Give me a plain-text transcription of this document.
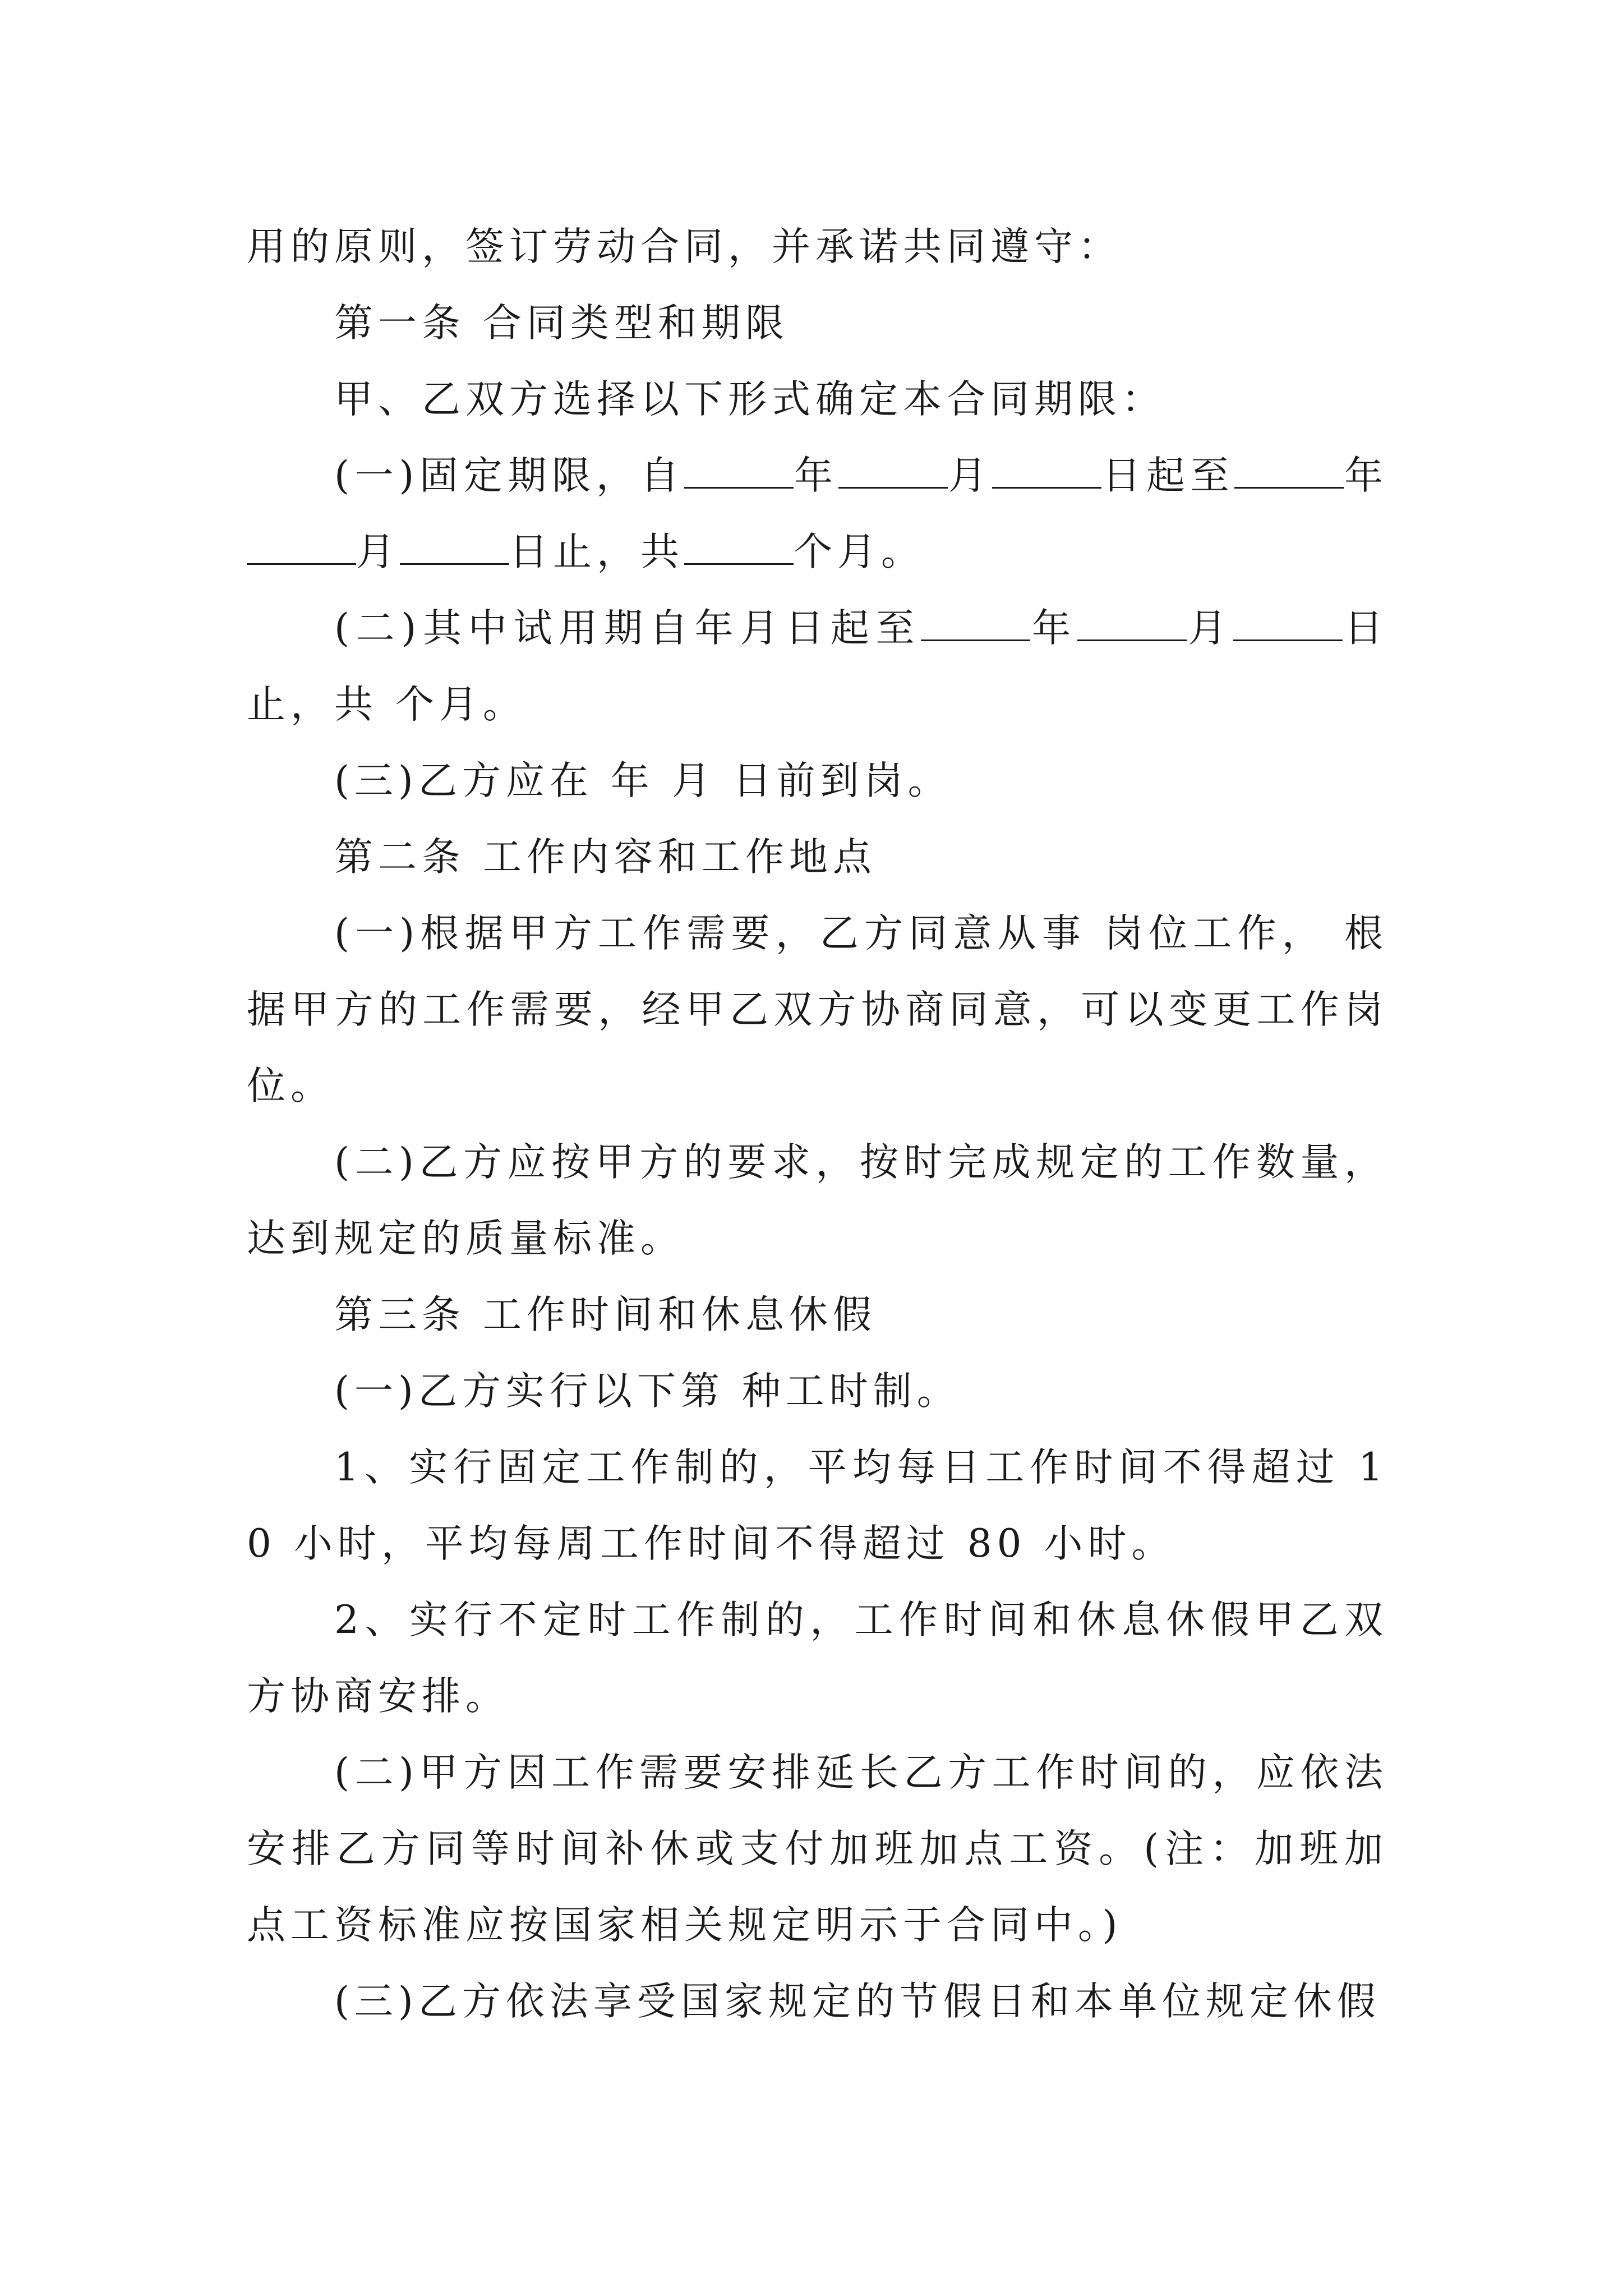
用的原则，签订劳动合同，并承诺共同遵守：

第一条 合同类型和期限

甲、乙双方选择以下形式确定本合同期限：

(一)固定期限，自	年	月	日起至	年月	日止，共	个月。

(二)其中试用期自年月日起至	年	月	日止，共 个月。

(三)乙方应在 年 月 日前到岗。

第二条 工作内容和工作地点

(一)根据甲方工作需要，乙方同意从事 岗位工作， 根据甲方的工作需要，经甲乙双方协商同意，可以变更工作岗位。

(二)乙方应按甲方的要求，按时完成规定的工作数量，达到规定的质量标准。

第三条 工作时间和休息休假

(一)乙方实行以下第 种工时制。

1、实行固定工作制的，平均每日工作时间不得超过 10 小时，平均每周工作时间不得超过 80 小时。

2、实行不定时工作制的，工作时间和休息休假甲乙双方协商安排。

(二)甲方因工作需要安排延长乙方工作时间的，应依法安排乙方同等时间补休或支付加班加点工资。(注：加班加点工资标准应按国家相关规定明示于合同中。)

(三)乙方依法享受国家规定的节假日和本单位规定休假
